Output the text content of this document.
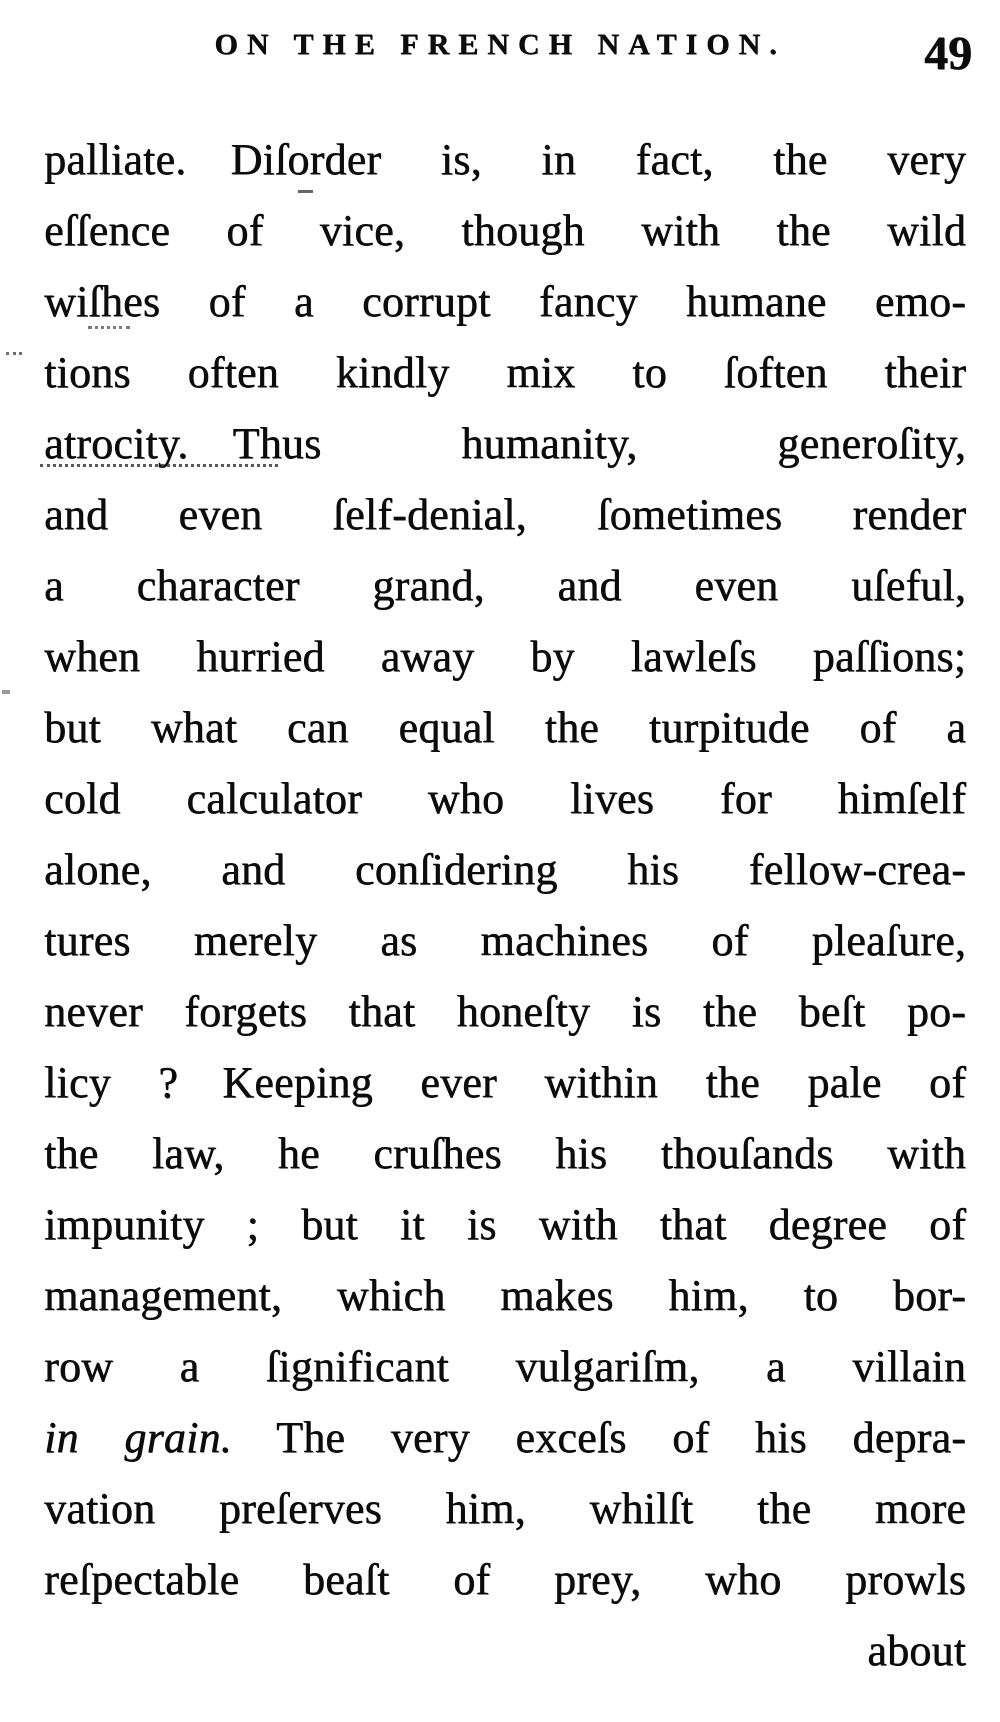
ON THE FRENCH NATION.	49

palliate. Diſorder is, in fact, the very

eſſence of vice, though with the wild

wiſhes of a corrupt fancy humane emo-

tions often kindly mix to ſoften their

atrocity. Thus humanity, generoſity,

and even ſelf-denial, ſometimes render

a character grand, and even uſeful,

when hurried away by lawleſs paſſions;

but what can equal the turpitude of a

cold calculator who lives for himſelf

alone, and conſidering his fellow-crea-

tures merely as machines of pleaſure,

never forgets that honeſty is the beſt po-

licy ? Keeping ever within the pale of

the law, he cruſhes his thouſands with

impunity ; but it is with that degree of

management, which makes him, to bor-

row a ſignificant vulgariſm, a villain

in grain. The very exceſs of his depra-

vation preſerves him, whilſt the more

reſpectable beaſt of prey, who prowls

about
